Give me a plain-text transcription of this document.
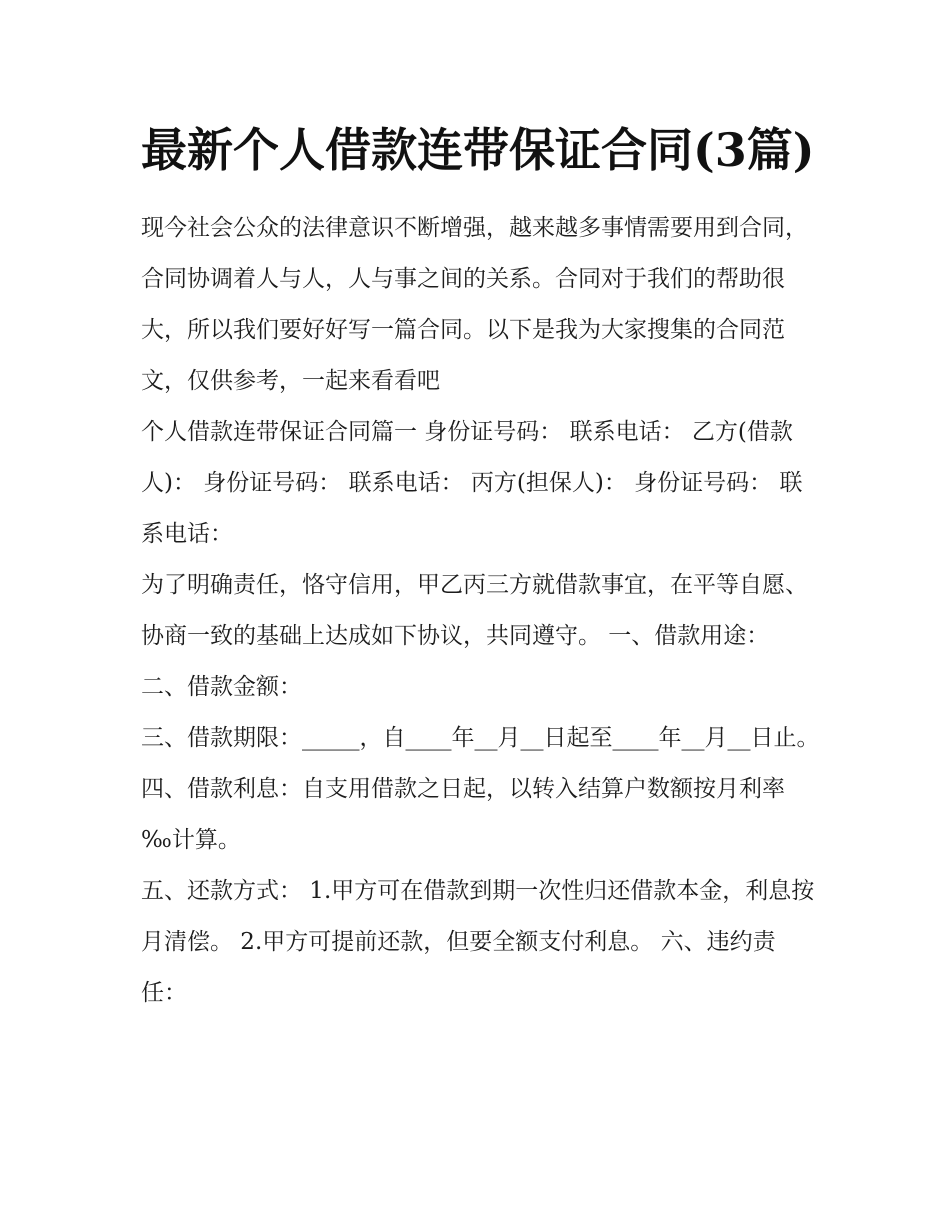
最新个人借款连带保证合同(3篇)

现今社会公众的法律意识不断增强，越来越多事情需要用到合同，合同协调着人与人，人与事之间的关系。合同对于我们的帮助很大，所以我们要好好写一篇合同。以下是我为大家搜集的合同范文，仅供参考，一起来看看吧

个人借款连带保证合同篇一 身份证号码： 联系电话： 乙方(借款人)： 身份证号码： 联系电话： 丙方(担保人)： 身份证号码： 联系电话：

为了明确责任，恪守信用，甲乙丙三方就借款事宜，在平等自愿、协商一致的基础上达成如下协议，共同遵守。 一、借款用途： 二、借款金额：

三、借款期限：_____，自____年__月__日起至____年__月__日止。 四、借款利息：自支用借款之日起，以转入结算户数额按月利率 ‰计算。

五、还款方式： 1.甲方可在借款到期一次性归还借款本金，利息按月清偿。 2.甲方可提前还款，但要全额支付利息。 六、违约责任：
